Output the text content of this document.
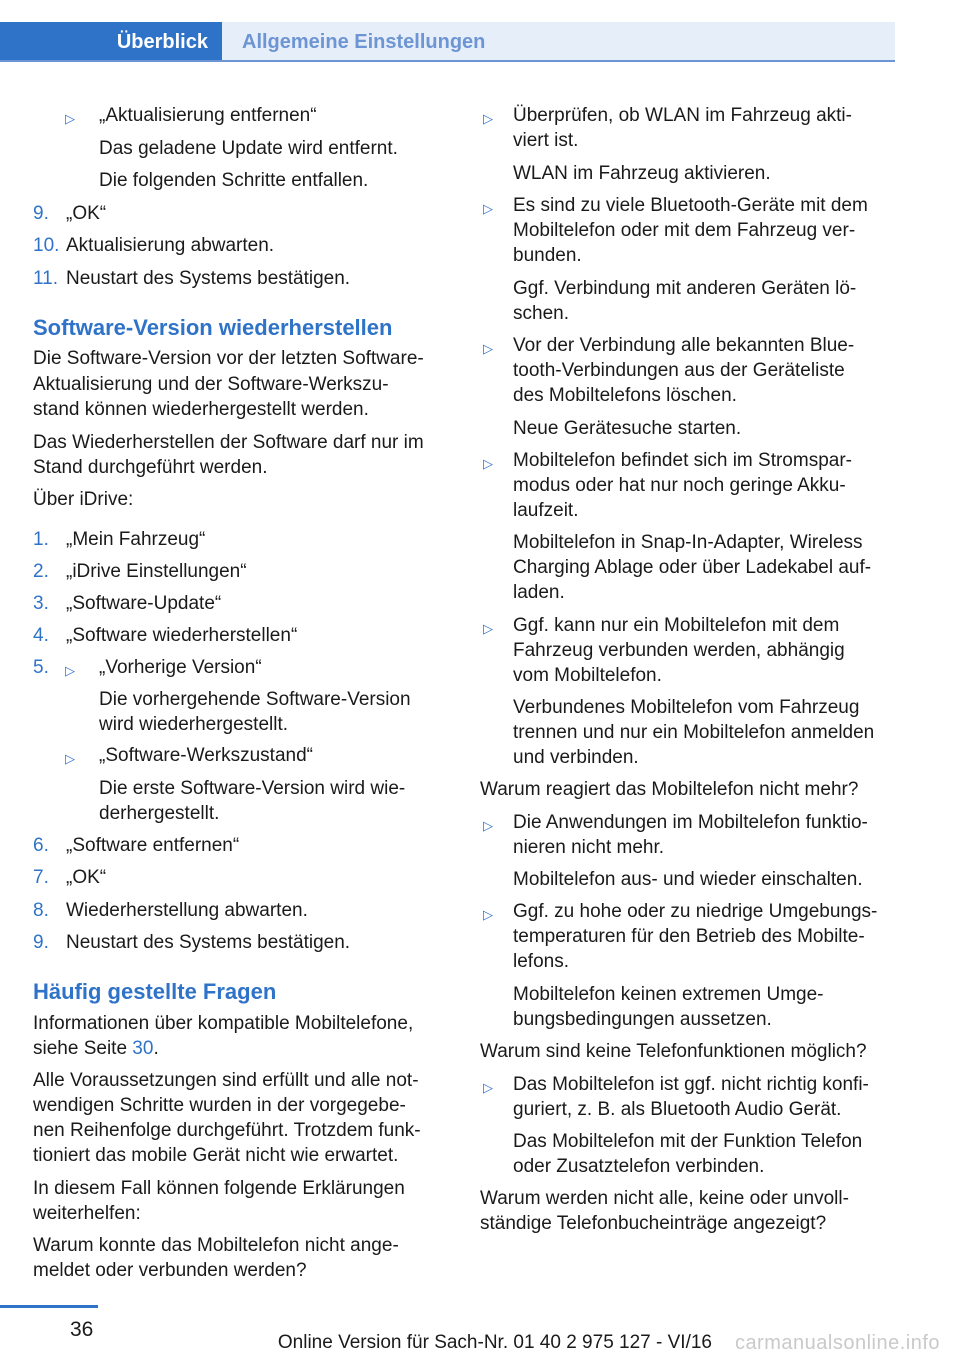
Überblick	Allgemeine Einstellungen
▷ „Aktualisierung entfernen“
Das geladene Update wird entfernt.
Die folgenden Schritte entfallen.
9. „OK“
10. Aktualisierung abwarten.
11. Neustart des Systems bestätigen.
Software-Version wiederherstellen
Die Software-Version vor der letzten Software-
Aktualisierung und der Software-Werkszu-
stand können wiederhergestellt werden.
Das Wiederherstellen der Software darf nur im
Stand durchgeführt werden.
Über iDrive:
1. „Mein Fahrzeug“
2. „iDrive Einstellungen“
3. „Software-Update“
4. „Software wiederherstellen“
5. ▷ „Vorherige Version“
Die vorhergehende Software-Version
wird wiederhergestellt.
▷ „Software-Werkszustand“
Die erste Software-Version wird wie-
derhergestellt.
6. „Software entfernen“
7. „OK“
8. Wiederherstellung abwarten.
9. Neustart des Systems bestätigen.
Häufig gestellte Fragen
Informationen über kompatible Mobiltelefone,
siehe Seite 30.
Alle Voraussetzungen sind erfüllt und alle not-
wendigen Schritte wurden in der vorgegebe-
nen Reihenfolge durchgeführt. Trotzdem funk-
tioniert das mobile Gerät nicht wie erwartet.
In diesem Fall können folgende Erklärungen
weiterhelfen:
Warum konnte das Mobiltelefon nicht ange-
meldet oder verbunden werden?
▷ Überprüfen, ob WLAN im Fahrzeug akti-
viert ist.
WLAN im Fahrzeug aktivieren.
▷ Es sind zu viele Bluetooth-Geräte mit dem
Mobiltelefon oder mit dem Fahrzeug ver-
bunden.
Ggf. Verbindung mit anderen Geräten lö-
schen.
▷ Vor der Verbindung alle bekannten Blue-
tooth-Verbindungen aus der Geräteliste
des Mobiltelefons löschen.
Neue Gerätesuche starten.
▷ Mobiltelefon befindet sich im Stromspar-
modus oder hat nur noch geringe Akku-
laufzeit.
Mobiltelefon in Snap-In-Adapter, Wireless
Charging Ablage oder über Ladekabel auf-
laden.
▷ Ggf. kann nur ein Mobiltelefon mit dem
Fahrzeug verbunden werden, abhängig
vom Mobiltelefon.
Verbundenes Mobiltelefon vom Fahrzeug
trennen und nur ein Mobiltelefon anmelden
und verbinden.
Warum reagiert das Mobiltelefon nicht mehr?
▷ Die Anwendungen im Mobiltelefon funktio-
nieren nicht mehr.
Mobiltelefon aus- und wieder einschalten.
▷ Ggf. zu hohe oder zu niedrige Umgebungs-
temperaturen für den Betrieb des Mobilte-
lefons.
Mobiltelefon keinen extremen Umge-
bungsbedingungen aussetzen.
Warum sind keine Telefonfunktionen möglich?
▷ Das Mobiltelefon ist ggf. nicht richtig konfi-
guriert, z. B. als Bluetooth Audio Gerät.
Das Mobiltelefon mit der Funktion Telefon
oder Zusatztelefon verbinden.
Warum werden nicht alle, keine oder unvoll-
ständige Telefonbucheinträge angezeigt?
36
Online Version für Sach-Nr. 01 40 2 975 127 - VI/16 carmanualsonline.info
